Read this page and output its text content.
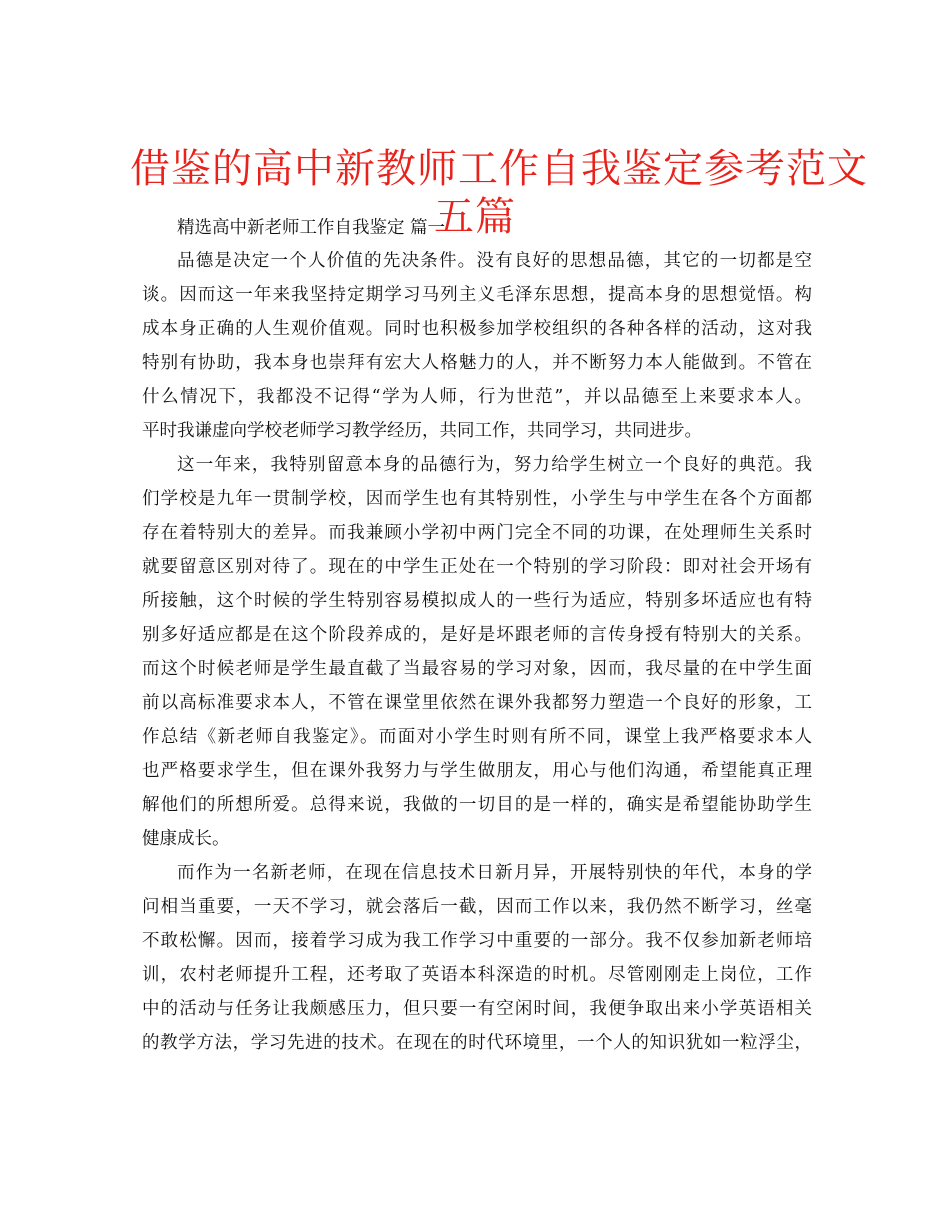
借鉴的高中新教师工作自我鉴定参考范文
五篇

精选高中新老师工作自我鉴定 篇一

品德是决定一个人价值的先决条件。没有良好的思想品德，其它的一切都是空
谈。因而这一年来我坚持定期学习马列主义毛泽东思想，提高本身的思想觉悟。构
成本身正确的人生观价值观。同时也积极参加学校组织的各种各样的活动，这对我
特别有协助，我本身也崇拜有宏大人格魅力的人，并不断努力本人能做到。不管在
什么情况下，我都没不记得“学为人师，行为世范”，并以品德至上来要求本人。
平时我谦虚向学校老师学习教学经历，共同工作，共同学习，共同进步。

这一年来，我特别留意本身的品德行为，努力给学生树立一个良好的典范。我
们学校是九年一贯制学校，因而学生也有其特别性，小学生与中学生在各个方面都
存在着特别大的差异。而我兼顾小学初中两门完全不同的功课，在处理师生关系时
就要留意区别对待了。现在的中学生正处在一个特别的学习阶段：即对社会开场有
所接触，这个时候的学生特别容易模拟成人的一些行为适应，特别多坏适应也有特
别多好适应都是在这个阶段养成的，是好是坏跟老师的言传身授有特别大的关系。
而这个时候老师是学生最直截了当最容易的学习对象，因而，我尽量的在中学生面
前以高标准要求本人，不管在课堂里依然在课外我都努力塑造一个良好的形象，工
作总结《新老师自我鉴定》。而面对小学生时则有所不同，课堂上我严格要求本人
也严格要求学生，但在课外我努力与学生做朋友，用心与他们沟通，希望能真正理
解他们的所想所爱。总得来说，我做的一切目的是一样的，确实是希望能协助学生
健康成长。

而作为一名新老师，在现在信息技术日新月异，开展特别快的年代，本身的学
问相当重要，一天不学习，就会落后一截，因而工作以来，我仍然不断学习，丝毫
不敢松懈。因而，接着学习成为我工作学习中重要的一部分。我不仅参加新老师培
训，农村老师提升工程，还考取了英语本科深造的时机。尽管刚刚走上岗位，工作
中的活动与任务让我颇感压力，但只要一有空闲时间，我便争取出来小学英语相关
的教学方法，学习先进的技术。在现在的时代环境里，一个人的知识犹如一粒浮尘，
